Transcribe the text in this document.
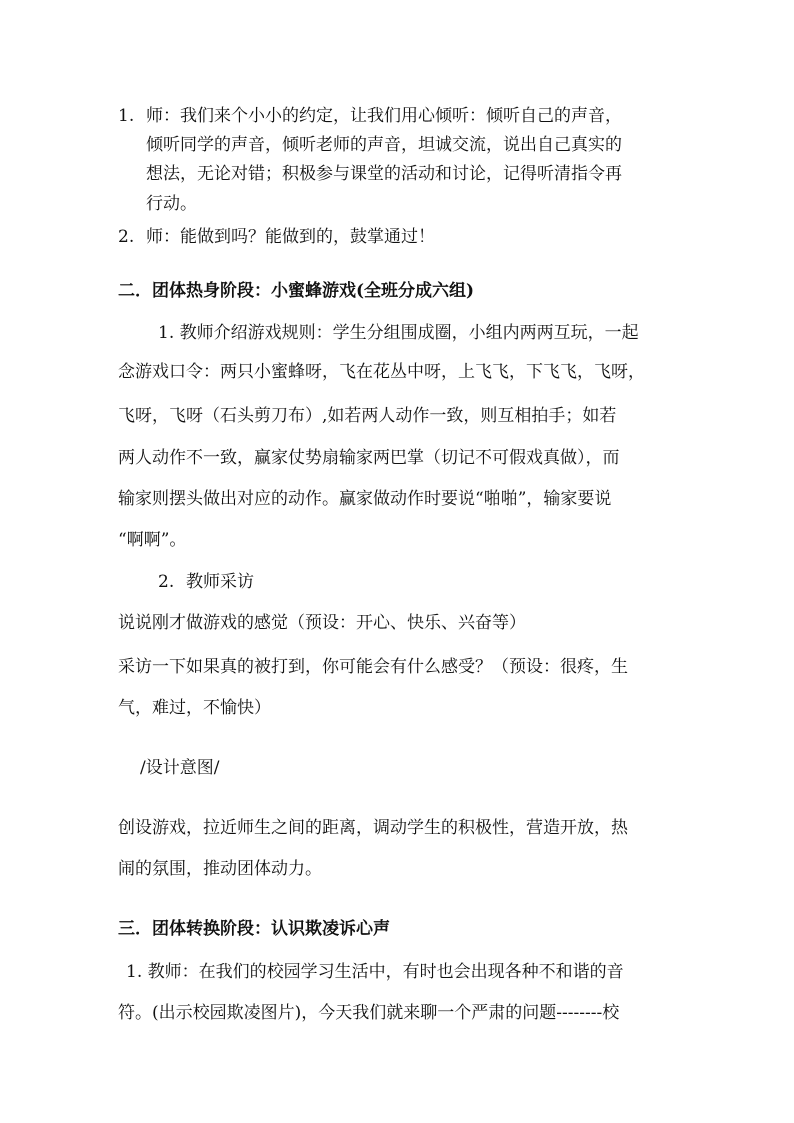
1. 师：我们来个小小的约定，让我们用心倾听：倾听自己的声音，
倾听同学的声音，倾听老师的声音，坦诚交流，说出自己真实的
想法，无论对错；积极参与课堂的活动和讨论，记得听清指令再
行动。
2. 师：能做到吗？能做到的，鼓掌通过！
二．团体热身阶段：小蜜蜂游戏(全班分成六组)
1. 教师介绍游戏规则：学生分组围成圈，小组内两两互玩，一起
念游戏口令：两只小蜜蜂呀，飞在花丛中呀，上飞飞，下飞飞，飞呀，
飞呀，飞呀（石头剪刀布）,如若两人动作一致，则互相拍手；如若
两人动作不一致，赢家仗势扇输家两巴掌（切记不可假戏真做），而
输家则摆头做出对应的动作。赢家做动作时要说“啪啪”，输家要说
“啊啊”。
2. 教师采访
说说刚才做游戏的感觉（预设：开心、快乐、兴奋等）
采访一下如果真的被打到，你可能会有什么感受？（预设：很疼，生
气，难过，不愉快）
/设计意图/
创设游戏，拉近师生之间的距离，调动学生的积极性，营造开放，热
闹的氛围，推动团体动力。
三．团体转换阶段：认识欺凌诉心声
1. 教师：在我们的校园学习生活中，有时也会出现各种不和谐的音
符。(出示校园欺凌图片)，今天我们就来聊一个严肃的问题--------校
